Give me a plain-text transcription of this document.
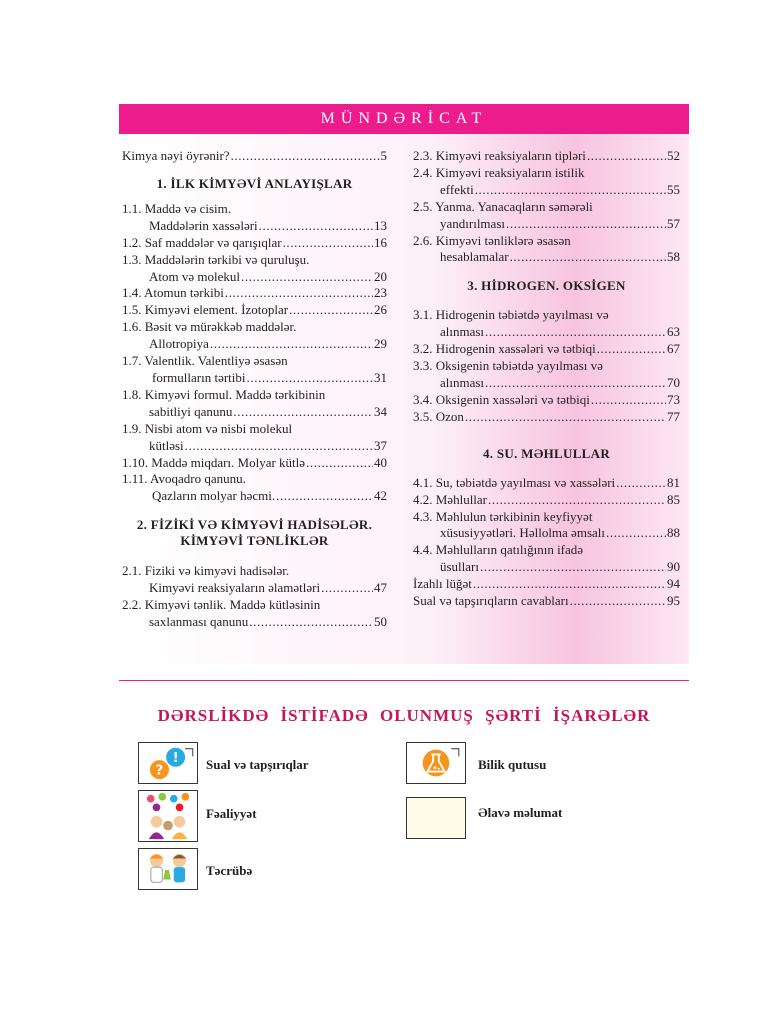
MÜNDƏRİCAT
Kimya nəyi öyrənir? .....	5
1. İLK KİMYƏVİ ANLAYIŞLAR
1.1. Maddə və cisim.
Maddələrin xassələri .....	13
1.2. Saf maddələr və qarışıqlar .....	16
1.3. Maddələrin tərkibi və quruluşu.
Atom və molekul .....	20
1.4. Atomun tərkibi .....	23
1.5. Kimyəvi element. İzotoplar .....	26
1.6. Bəsit və mürəkkəb maddələr.
Allotropiya .....	29
1.7. Valentlik. Valentliyə əsasən
formulların tərtibi .....	31
1.8. Kimyəvi formul. Maddə tərkibinin
sabitliyi qanunu .....	34
1.9. Nisbi atom və nisbi molekul
kütləsi .....	37
1.10. Maddə miqdarı. Molyar kütlə .....	40
1.11. Avoqadro qanunu.
Qazların molyar həcmi. .....	42
2. FİZİKİ VƏ KİMYƏVİ HADİSƏLƏR.
KİMYƏVİ TƏNLİKLƏR
2.1. Fiziki və kimyəvi hadisələr.
Kimyəvi reaksiyaların əlamətləri .....	47
2.2. Kimyəvi tənlik. Maddə kütləsinin
saxlanması qanunu .....	50
2.3. Kimyəvi reaksiyaların tipləri .....	52
2.4. Kimyəvi reaksiyaların istilik
effekti .....	55
2.5. Yanma. Yanacaqların səmərəli
yandırılması .....	57
2.6. Kimyəvi tənliklərə əsasən
hesablamalar .....	58
3. HİDROGEN. OKSİGEN
3.1. Hidrogenin təbiətdə yayılması və
alınması .....	63
3.2. Hidrogenin xassələri və tətbiqi .....	67
3.3. Oksigenin təbiətdə yayılması və
alınması .....	70
3.4. Oksigenin xassələri və tətbiqi .....	73
3.5. Ozon .....	77
4. SU. MƏHLULLAR
4.1. Su, təbiətdə yayılması və xassələri .....	81
4.2. Məhlullar .....	85
4.3. Məhlulun tərkibinin keyfiyyət
xüsusiyyətləri. Həllolma əmsalı .....	88
4.4. Məhlulların qatılığının ifadə
üsulları .....	90
İzahlı lüğət .....	94
Sual və tapşırıqların cavabları .....	95
DƏRSLİKDƏ İSTİFADƏ OLUNMUŞ ŞƏRTİ İŞARƏLƏR
?
! Sual və tapşırıqlar
Fəaliyyət
Təcrübə
Bilik qutusu
Əlavə məlumat
